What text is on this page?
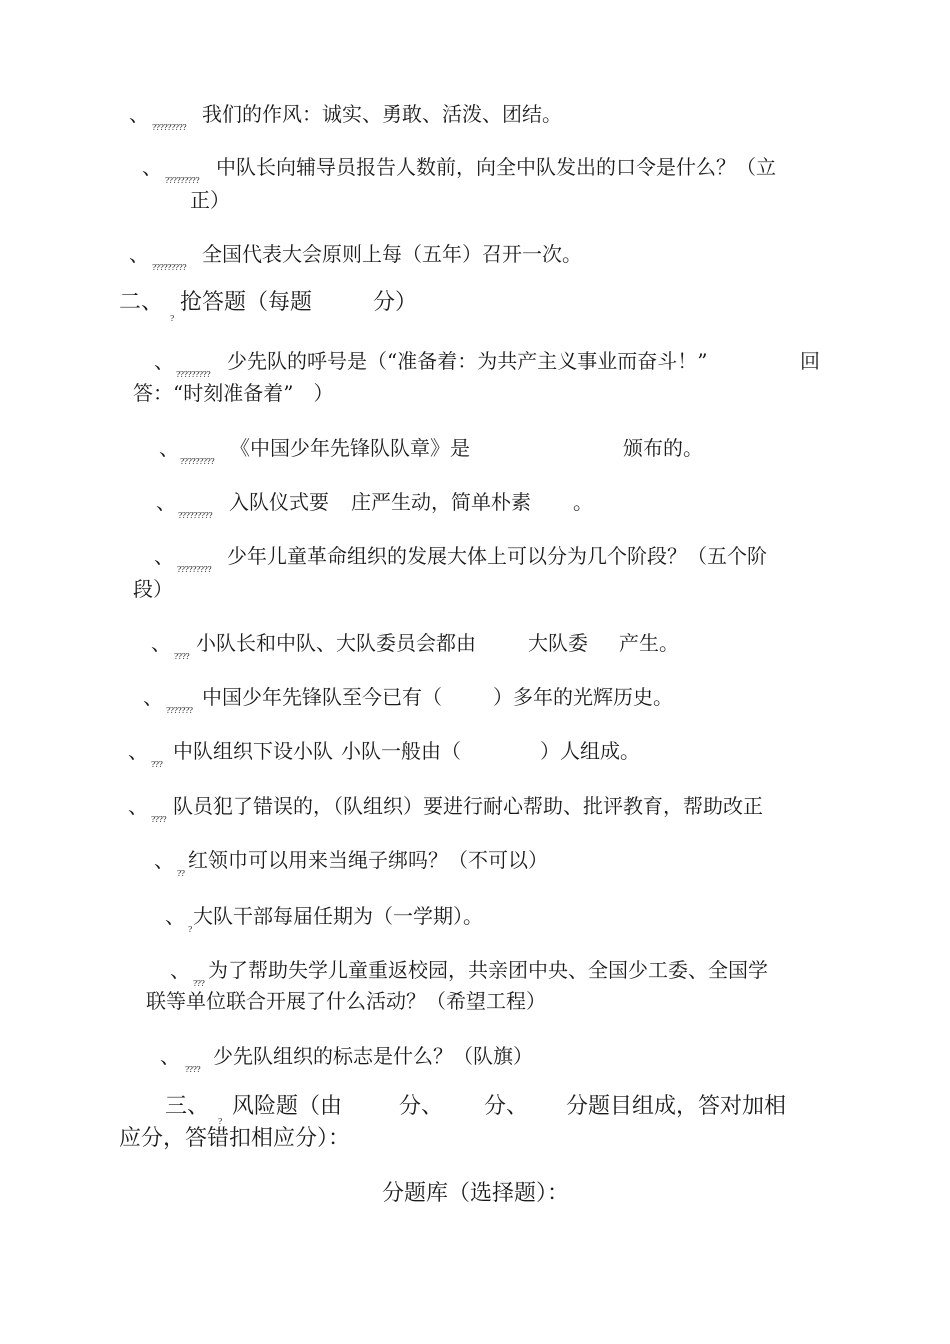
、
?????????
我们的作风：诚实、勇敢、活泼、团结。
、
?????????
中队长向辅导员报告人数前，向全中队发出的口令是什么？（立
正）
、
?????????
全国代表大会原则上每（五年）召开一次。
二、
?
抢答题（每题	分）
、
?????????
少先队的呼号是（“准备着：为共产主义事业而奋斗！”	回
答：“时刻准备着”　）
、
?????????
《中国少年先锋队队章》是	颁布的。
、
?????????
入队仪式要 庄严生动，简单朴素 。
、
?????????
少年儿童革命组织的发展大体上可以分为几个阶段？（五个阶
段）
、
????
小队长和中队、大队委员会都由	大队委 产生。
、
???????
中国少年先锋队至今已有（	）多年的光辉历史。
、
???
中队组织下设小队 小队一般由（	）人组成。
、
????
队员犯了错误的，（队组织）要进行耐心帮助、批评教育，帮助改正
、
??
红领巾可以用来当绳子绑吗？（不可以）
、
?
大队干部每届任期为（一学期）。
、
???
为了帮助失学儿童重返校园，共亲团中央、全国少工委、全国学
联等单位联合开展了什么活动？（希望工程）
、
????
少先队组织的标志是什么？（队旗）
三、
?
风险题（由	分、 分、 分题目组成，答对加相
应分，答错扣相应分）：
分题库（选择题）：
